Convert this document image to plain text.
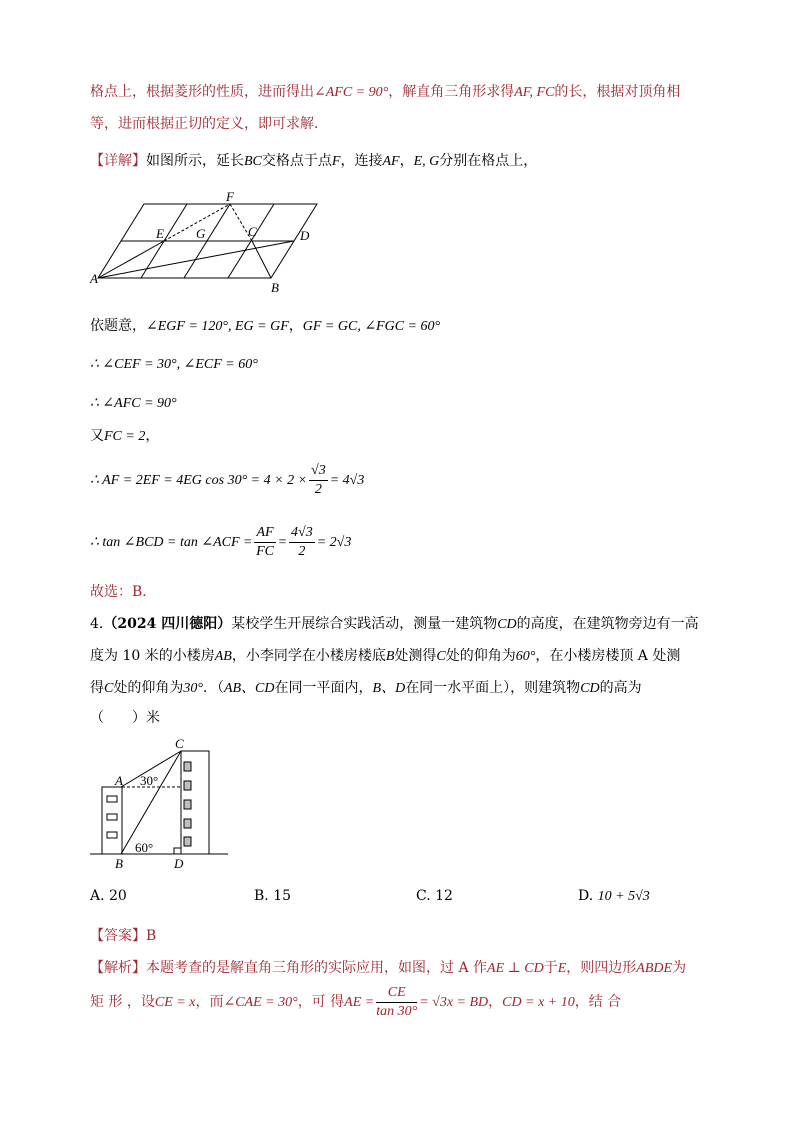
格点上，根据菱形的性质，进而得出∠AFC = 90°，解直角三角形求得AF, FC的长，根据对顶角相
等，进而根据正切的定义，即可求解．
【详解】如图所示，延长BC交格点于点F，连接AF，E, G分别在格点上，
F
E G	C	D
A
B
依题意，∠EGF = 120°, EG = GF，GF = GC, ∠FGC = 60°
∴ ∠CEF = 30°, ∠ECF = 60°
∴ ∠AFC = 90°
又FC = 2，
∴ AF = 2EF = 4EG $\cos 30^\circ = 4 \times 2 \times \frac{√3}{2} = 4√3$
∴ tan ∠BCD = tan ∠ACF = $\frac{AF}{FC} = \frac{4√3}{2} = 2√3$
故选：B．
4.（2024 四川德阳）某校学生开展综合实践活动，测量一建筑物CD的高度，在建筑物旁边有一高
度为 10 米的小楼房AB，小李同学在小楼房楼底B处测得C处的仰角为60°，在小楼房楼顶 A 处测
得C处的仰角为30°．（AB、CD在同一平面内，B、D在同一水平面上），则建筑物CD的高为
（　　）米
C
A 30°
60°
B	D
A. 20	B. 15	C. 12	D. 10 + 5√3
【答案】B
【解析】本题考查的是解直角三角形的实际应用，如图，过 A 作AE ⊥ CD于E，则四边形ABDE为
矩 形 ，设CE = x，而∠CAE = 30°，可 得AE = $\frac{CE}{\tan 30^\circ} = √3x$ = BD，CD = x + 10，结 合
